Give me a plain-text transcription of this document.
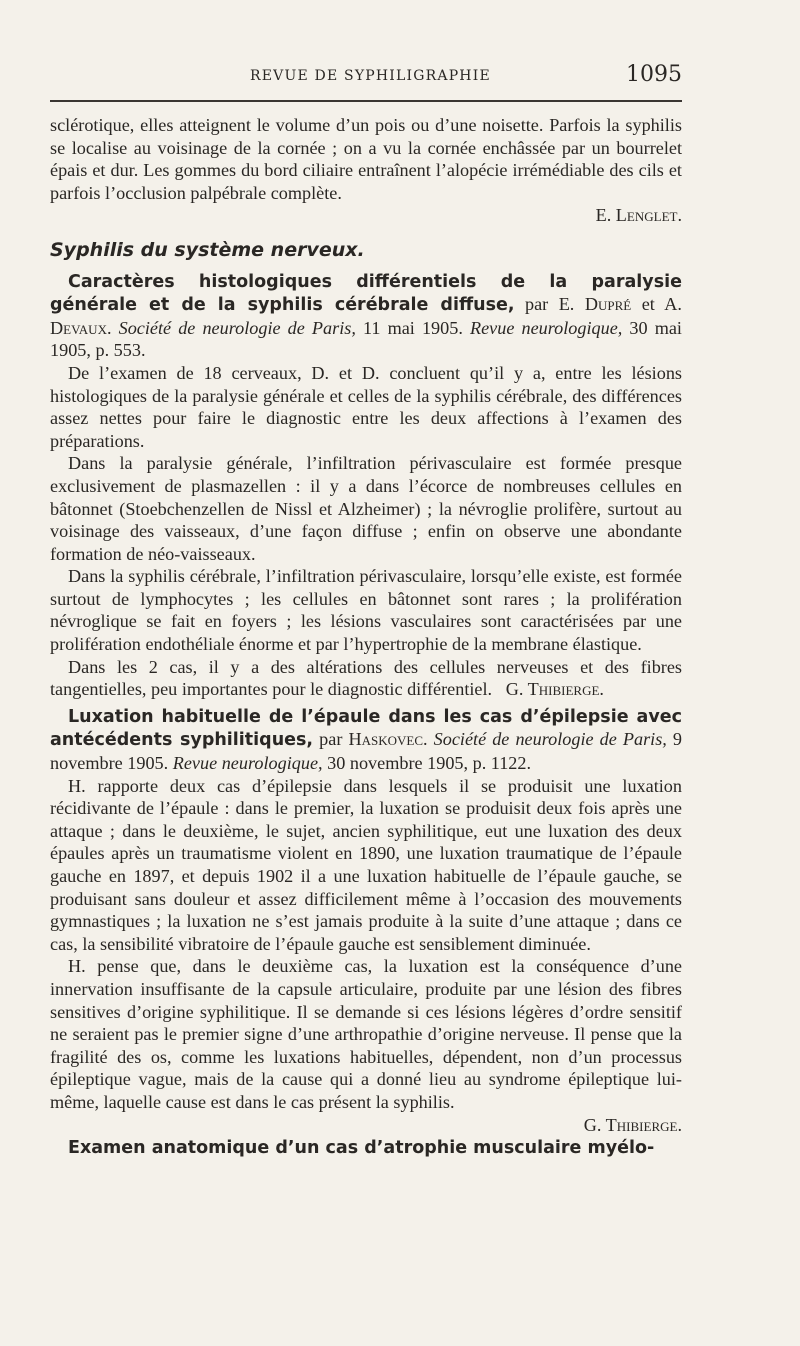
REVUE DE SYPHILIGRAPHIE	1095

sclérotique, elles atteignent le volume d’un pois ou d’une noisette. Parfois la syphilis se localise au voisinage de la cornée ; on a vu la cornée enchâssée par un bourrelet épais et dur. Les gommes du bord ciliaire entraînent l’alopécie irrémédiable des cils et parfois l’occlusion palpébrale complète.

E. Lenglet.

Syphilis du système nerveux.

Caractères histologiques différentiels de la paralysie générale et de la syphilis cérébrale diffuse, par E. Dupré et A. Devaux. Société de neurologie de Paris, 11 mai 1905. Revue neurologique, 30 mai 1905, p. 553.

De l’examen de 18 cerveaux, D. et D. concluent qu’il y a, entre les lésions histologiques de la paralysie générale et celles de la syphilis cérébrale, des différences assez nettes pour faire le diagnostic entre les deux affections à l’examen des préparations.

Dans la paralysie générale, l’infiltration périvasculaire est formée presque exclusivement de plasmazellen : il y a dans l’écorce de nombreuses cellules en bâtonnet (Stoebchenzellen de Nissl et Alzheimer) ; la névroglie prolifère, surtout au voisinage des vaisseaux, d’une façon diffuse ; enfin on observe une abondante formation de néo-vaisseaux.

Dans la syphilis cérébrale, l’infiltration périvasculaire, lorsqu’elle existe, est formée surtout de lymphocytes ; les cellules en bâtonnet sont rares ; la prolifération névroglique se fait en foyers ; les lésions vasculaires sont caractérisées par une prolifération endothéliale énorme et par l’hypertrophie de la membrane élastique.

Dans les 2 cas, il y a des altérations des cellules nerveuses et des fibres tangentielles, peu importantes pour le diagnostic différentiel. G. Thibierge.

Luxation habituelle de l’épaule dans les cas d’épilepsie avec antécédents syphilitiques, par Haskovec. Société de neurologie de Paris, 9 novembre 1905. Revue neurologique, 30 novembre 1905, p. 1122.

H. rapporte deux cas d’épilepsie dans lesquels il se produisit une luxation récidivante de l’épaule : dans le premier, la luxation se produisit deux fois après une attaque ; dans le deuxième, le sujet, ancien syphilitique, eut une luxation des deux épaules après un traumatisme violent en 1890, une luxation traumatique de l’épaule gauche en 1897, et depuis 1902 il a une luxation habituelle de l’épaule gauche, se produisant sans douleur et assez difficilement même à l’occasion des mouvements gymnastiques ; la luxation ne s’est jamais produite à la suite d’une attaque ; dans ce cas, la sensibilité vibratoire de l’épaule gauche est sensiblement diminuée.

H. pense que, dans le deuxième cas, la luxation est la conséquence d’une innervation insuffisante de la capsule articulaire, produite par une lésion des fibres sensitives d’origine syphilitique. Il se demande si ces lésions légères d’ordre sensitif ne seraient pas le premier signe d’une arthropathie d’origine nerveuse. Il pense que la fragilité des os, comme les luxations habituelles, dépendent, non d’un processus épileptique vague, mais de la cause qui a donné lieu au syndrome épileptique lui-même, laquelle cause est dans le cas présent la syphilis.

G. Thibierge.

Examen anatomique d’un cas d’atrophie musculaire myélo-
